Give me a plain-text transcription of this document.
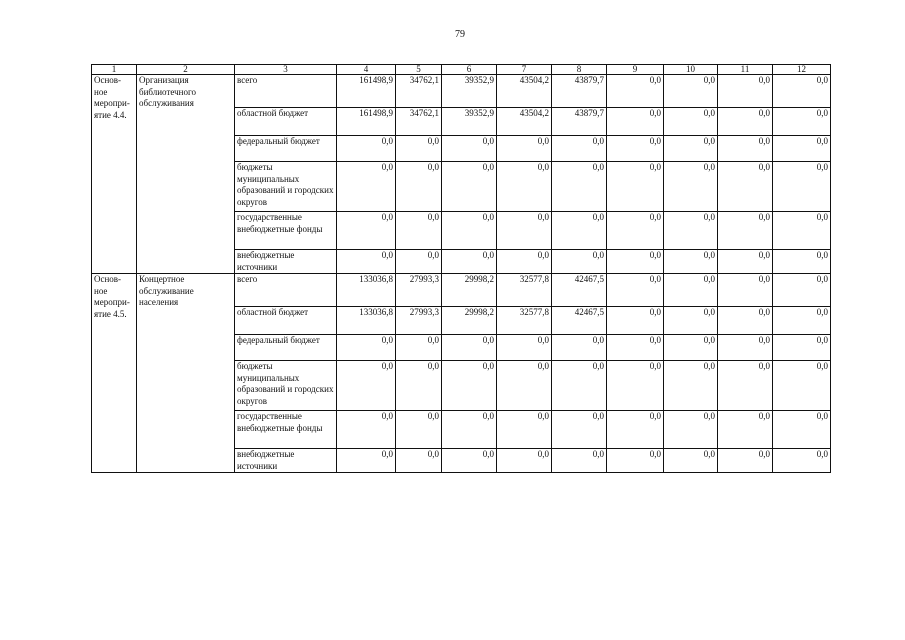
79
1	2	3	4	5	6	7	8	9	10	11	12
Основ-ное меропри-ятие 4.4.	Организация библиотечного обслуживания	всего	161498,9	34762,1	39352,9	43504,2	43879,7	0,0	0,0	0,0	0,0
		областной бюджет	161498,9	34762,1	39352,9	43504,2	43879,7	0,0	0,0	0,0	0,0
		федеральный бюджет	0,0	0,0	0,0	0,0	0,0	0,0	0,0	0,0	0,0
		бюджеты муниципальных образований и городских округов	0,0	0,0	0,0	0,0	0,0	0,0	0,0	0,0	0,0
		государственные внебюджетные фонды	0,0	0,0	0,0	0,0	0,0	0,0	0,0	0,0	0,0
		внебюджетные источники	0,0	0,0	0,0	0,0	0,0	0,0	0,0	0,0	0,0
Основ-ное меропри-ятие 4.5.	Концертное обслуживание населения	всего	133036,8	27993,3	29998,2	32577,8	42467,5	0,0	0,0	0,0	0,0
		областной бюджет	133036,8	27993,3	29998,2	32577,8	42467,5	0,0	0,0	0,0	0,0
		федеральный бюджет	0,0	0,0	0,0	0,0	0,0	0,0	0,0	0,0	0,0
		бюджеты муниципальных образований и городских округов	0,0	0,0	0,0	0,0	0,0	0,0	0,0	0,0	0,0
		государственные внебюджетные фонды	0,0	0,0	0,0	0,0	0,0	0,0	0,0	0,0	0,0
		внебюджетные источники	0,0	0,0	0,0	0,0	0,0	0,0	0,0	0,0	0,0
